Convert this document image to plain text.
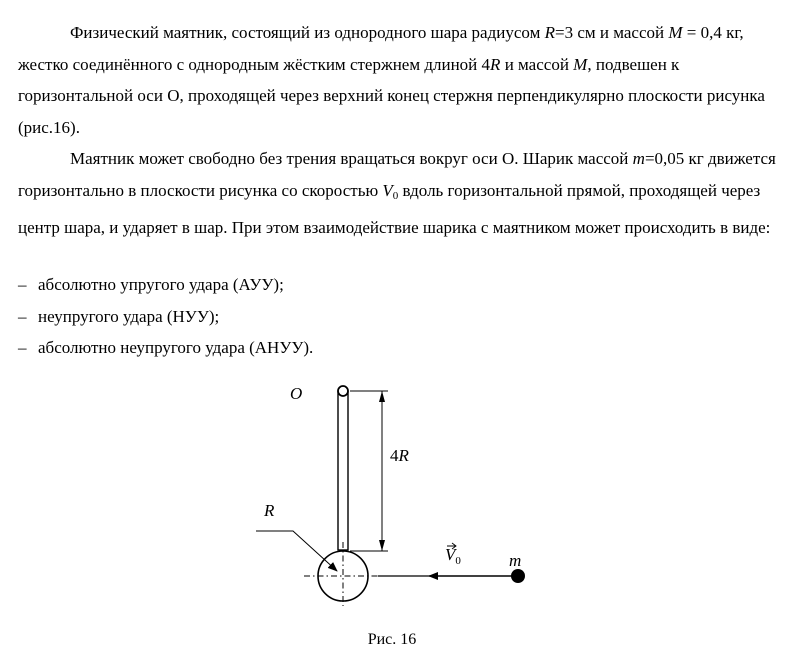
Физический маятник, состоящий из однородного шара радиусом R=3 см и массой M = 0,4 кг, жестко соединённого с однородным жёстким стержнем длиной 4R и массой M, подвешен к горизонтальной оси О, проходящей через верхний конец стержня перпендикулярно плоскости рисунка (рис.16).

Маятник может свободно без трения вращаться вокруг оси О. Шарик массой m=0,05 кг движется горизонтально в плоскости рисунка со скоростью $V_0$ вдоль горизонтальной прямой, проходящей через центр шара, и ударяет в шар. При этом взаимодействие шарика с маятником может происходить в виде:

– абсолютно упругого удара (АУУ);

– неупругого удара (НУУ);

– абсолютно неупругого удара (АНУУ).

O
4R
R
$V_0$	m
Рис. 16
